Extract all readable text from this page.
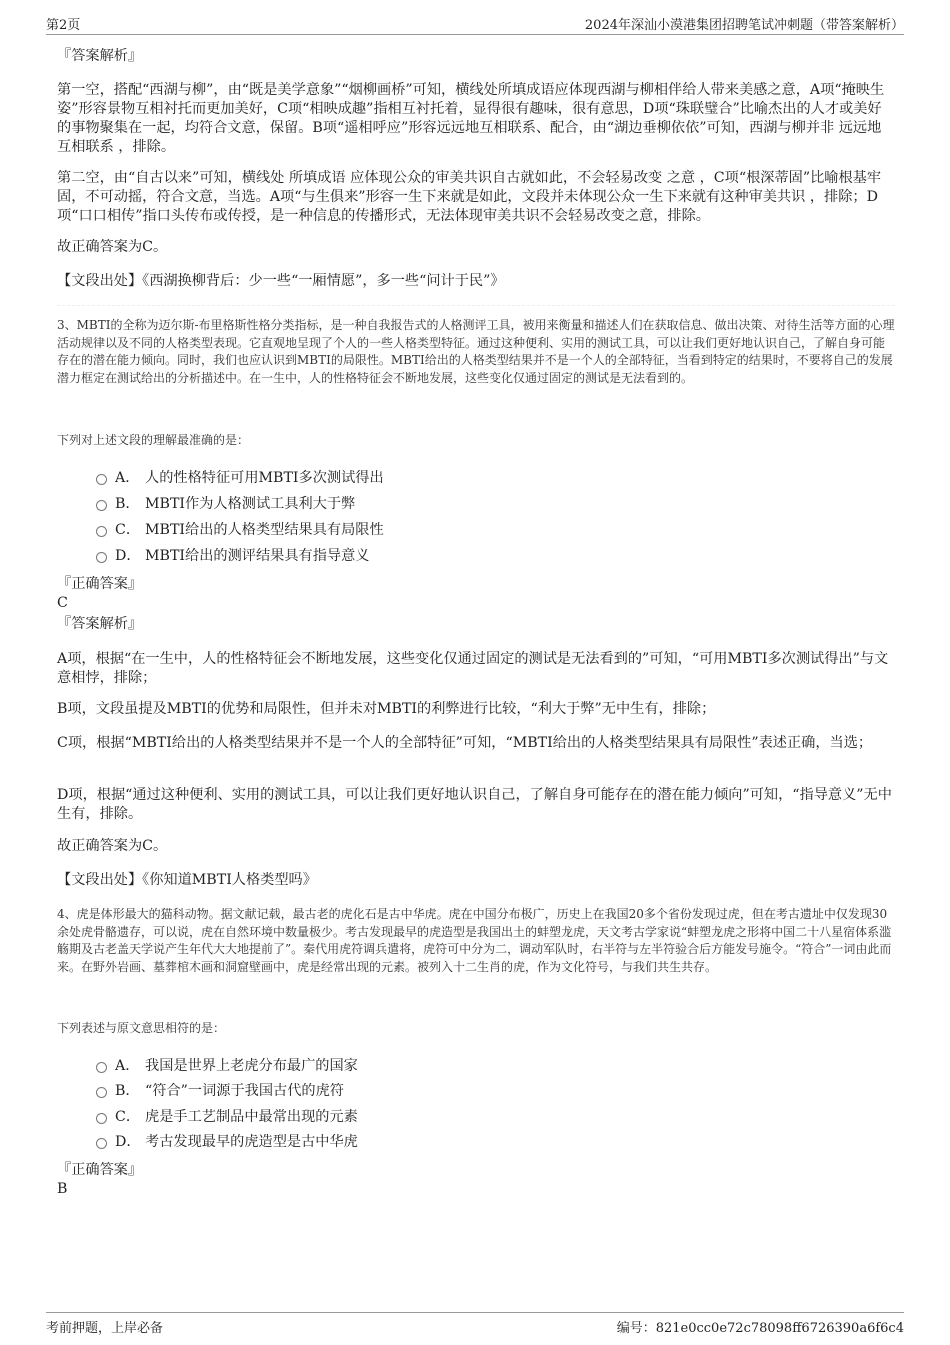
第2页	2024年深汕小漠港集团招聘笔试冲刺题（带答案解析）

『答案解析』

第一空，搭配“西湖与柳”，由“既是美学意象”“烟柳画桥”可知，横线处所填成语应体现西湖与柳相伴给人带来美感之意，A项“掩映生姿”形容景物互相衬托而更加美好，C项“相映成趣”指相互衬托着，显得很有趣味，很有意思，D项“珠联璧合”比喻杰出的人才或美好的事物聚集在一起，均符合文意，保留。B项“遥相呼应”形容远远地互相联系、配合，由“湖边垂柳依依”可知，西湖与柳并非 远远地互相联系 ，排除。

第二空，由“自古以来”可知，横线处 所填成语 应体现公众的审美共识自古就如此，不会轻易改变 之意 ，C项“根深蒂固”比喻根基牢固，不可动摇，符合文意，当选。A项“与生俱来”形容一生下来就是如此，文段并未体现公众一生下来就有这种审美共识 ，排除；D项“口口相传”指口头传布或传授，是一种信息的传播形式，无法体现审美共识不会轻易改变之意，排除。

故正确答案为C。

【文段出处】《西湖换柳背后：少一些“一厢情愿”，多一些“问计于民”》

3、MBTI的全称为迈尔斯-布里格斯性格分类指标，是一种自我报告式的人格测评工具，被用来衡量和描述人们在获取信息、做出决策、对待生活等方面的心理活动规律以及不同的人格类型表现。它直观地呈现了个人的一些人格类型特征。通过这种便利、实用的测试工具，可以让我们更好地认识自己，了解自身可能存在的潜在能力倾向。同时，我们也应认识到MBTI的局限性。MBTI给出的人格类型结果并不是一个人的全部特征，当看到特定的结果时，不要将自己的发展潜力框定在测试给出的分析描述中。在一生中，人的性格特征会不断地发展，这些变化仅通过固定的测试是无法看到的。

下列对上述文段的理解最准确的是：

A． 人的性格特征可用MBTI多次测试得出
B． MBTI作为人格测试工具利大于弊
C． MBTI给出的人格类型结果具有局限性
D． MBTI给出的测评结果具有指导意义

『正确答案』

C

『答案解析』

A项，根据“在一生中，人的性格特征会不断地发展，这些变化仅通过固定的测试是无法看到的”可知，“可用MBTI多次测试得出”与文意相悖，排除；

B项，文段虽提及MBTI的优势和局限性，但并未对MBTI的利弊进行比较，“利大于弊”无中生有，排除；

C项，根据“MBTI给出的人格类型结果并不是一个人的全部特征”可知，“MBTI给出的人格类型结果具有局限性”表述正确，当选；

D项，根据“通过这种便利、实用的测试工具，可以让我们更好地认识自己，了解自身可能存在的潜在能力倾向”可知，“指导意义”无中生有，排除。

故正确答案为C。

【文段出处】《你知道MBTI人格类型吗》

4、虎是体形最大的猫科动物。据文献记载，最古老的虎化石是古中华虎。虎在中国分布极广，历史上在我国20多个省份发现过虎，但在考古遗址中仅发现30余处虎骨骼遗存，可以说，虎在自然环境中数量极少。考古发现最早的虎造型是我国出土的蚌塑龙虎，天文考古学家说“蚌塑龙虎之形将中国二十八星宿体系滥觞期及古老盖天学说产生年代大大地提前了”。秦代用虎符调兵遣将，虎符可中分为二，调动军队时，右半符与左半符验合后方能发号施令。“符合”一词由此而来。在野外岩画、墓葬棺木画和洞窟壁画中，虎是经常出现的元素。被列入十二生肖的虎，作为文化符号，与我们共生共存。

下列表述与原文意思相符的是：

A． 我国是世界上老虎分布最广的国家
B． “符合”一词源于我国古代的虎符
C． 虎是手工艺制品中最常出现的元素
D． 考古发现最早的虎造型是古中华虎

『正确答案』

B

考前押题，上岸必备	编号：821e0cc0e72c78098ff6726390a6f6c4
